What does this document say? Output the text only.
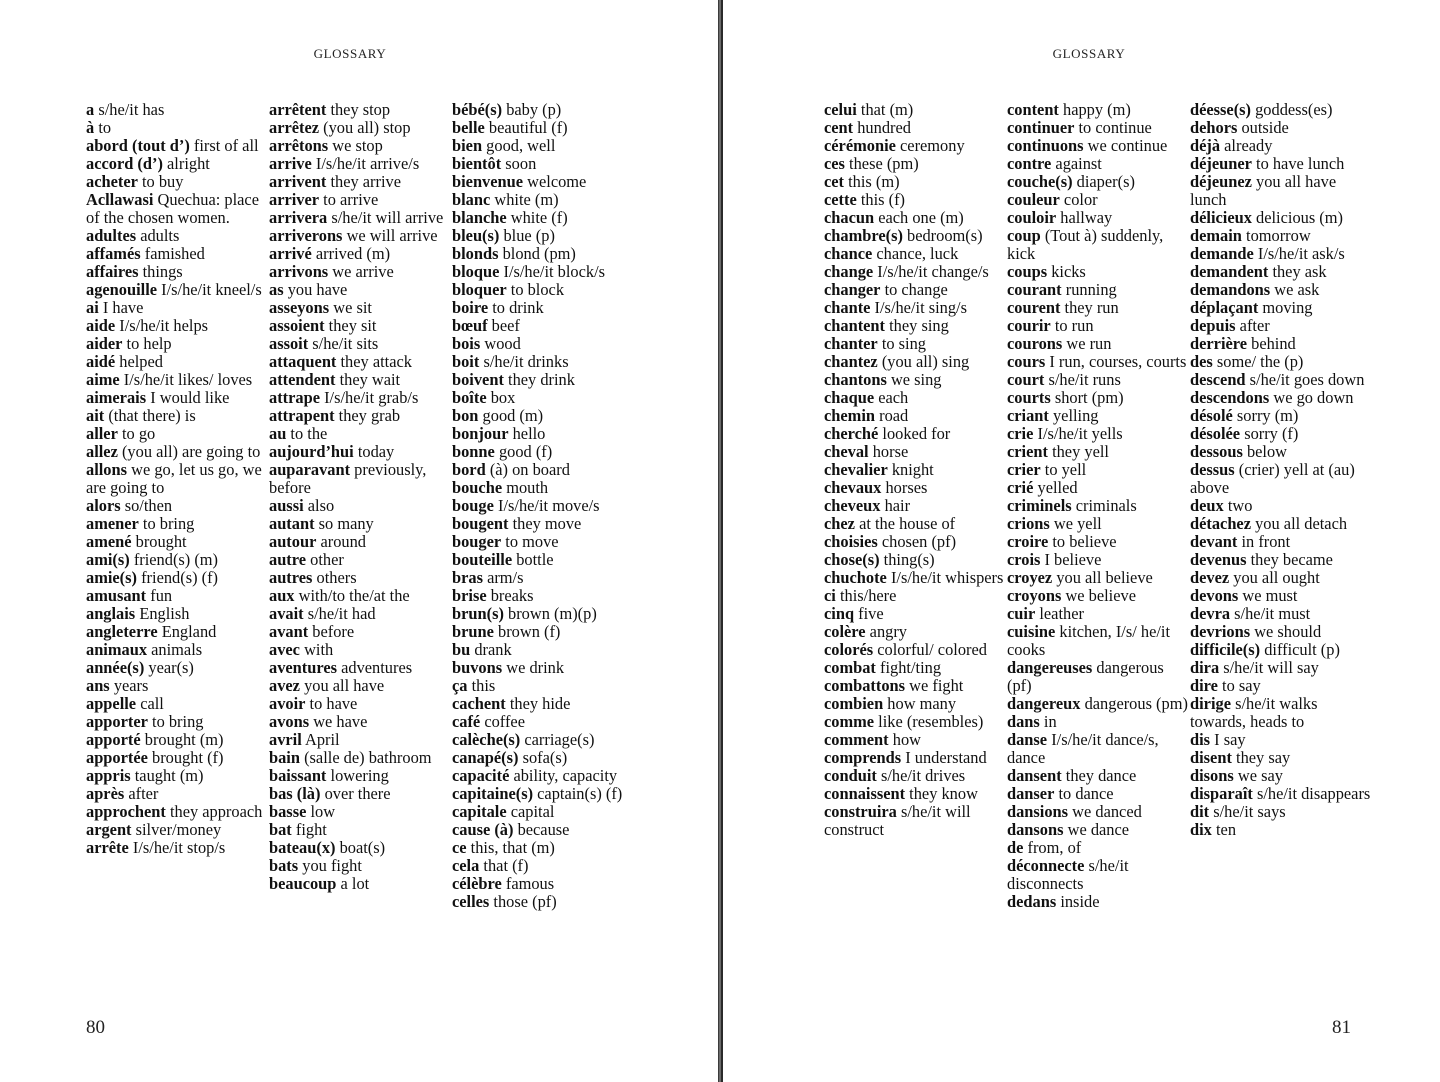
GLOSSARY
a s/he/it has
à to
abord (tout d’) first of all
accord (d’) alright
acheter to buy
Acllawasi Quechua: place of the chosen women.
adultes adults
affamés famished
affaires things
agenouille I/s/he/it kneel/s
ai I have
aide I/s/he/it helps
aider to help
aidé helped
aime I/s/he/it likes/ loves
aimerais I would like
ait (that there) is
aller to go
allez (you all) are going to
allons we go, let us go, we are going to
alors so/then
amener to bring
amené brought
ami(s) friend(s) (m)
amie(s) friend(s) (f)
amusant fun
anglais English
angleterre England
animaux animals
année(s) year(s)
ans years
appelle call
apporter to bring
apporté brought (m)
apportée brought (f)
appris taught (m)
après after
approchent they approach
argent silver/money
arrête I/s/he/it stop/s
arrêtent they stop
arrêtez (you all) stop
arrêtons we stop
arrive I/s/he/it arrive/s
arrivent they arrive
arriver to arrive
arrivera s/he/it will arrive
arriverons we will arrive
arrivé arrived (m)
arrivons we arrive
as you have
asseyons we sit
assoient they sit
assoit s/he/it sits
attaquent they attack
attendent they wait
attrape I/s/he/it grab/s
attrapent they grab
au to the
aujourd’hui today
auparavant previously, before
aussi also
autant so many
autour around
autre other
autres others
aux with/to the/at the
avait s/he/it had
avant before
avec with
aventures adventures
avez you all have
avoir to have
avons we have
avril April
bain (salle de) bathroom
baissant lowering
bas (là) over there
basse low
bat fight
bateau(x) boat(s)
bats you fight
beaucoup a lot
bébé(s) baby (p)
belle beautiful (f)
bien good, well
bientôt soon
bienvenue welcome
blanc white (m)
blanche white (f)
bleu(s) blue (p)
blonds blond (pm)
bloque I/s/he/it block/s
bloquer to block
boire to drink
bœuf beef
bois wood
boit s/he/it drinks
boivent they drink
boîte box
bon good (m)
bonjour hello
bonne good (f)
bord (à) on board
bouche mouth
bouge I/s/he/it move/s
bougent they move
bouger to move
bouteille bottle
bras arm/s
brise breaks
brun(s) brown (m)(p)
brune brown (f)
bu drank
buvons we drink
ça this
cachent they hide
café coffee
calèche(s) carriage(s)
canapé(s) sofa(s)
capacité ability, capacity
capitaine(s) captain(s) (f)
capitale capital
cause (à) because
ce this, that (m)
cela that (f)
célèbre famous
celles those (pf)
80
GLOSSARY
celui that (m)
cent hundred
cérémonie ceremony
ces these (pm)
cet this (m)
cette this (f)
chacun each one (m)
chambre(s) bedroom(s)
chance chance, luck
change I/s/he/it change/s
changer to change
chante I/s/he/it sing/s
chantent they sing
chanter to sing
chantez (you all) sing
chantons we sing
chaque each
chemin road
cherché looked for
cheval horse
chevalier knight
chevaux horses
cheveux hair
chez at the house of
choisies chosen (pf)
chose(s) thing(s)
chuchote I/s/he/it whispers
ci this/here
cinq five
colère angry
colorés colorful/ colored
combat fight/ting
combattons we fight
combien how many
comme like (resembles)
comment how
comprends I understand
conduit s/he/it drives
connaissent they know
construira s/he/it will construct
content happy (m)
continuer to continue
continuons we continue
contre against
couche(s) diaper(s)
couleur color
couloir hallway
coup (Tout à) suddenly, kick
coups kicks
courant running
courent they run
courir to run
courons we run
cours I run, courses, courts
court s/he/it runs
courts short (pm)
criant yelling
crie I/s/he/it yells
crient they yell
crier to yell
crié yelled
criminels criminals
crions we yell
croire to believe
crois I believe
croyez you all believe
croyons we believe
cuir leather
cuisine kitchen, I/s/ he/it cooks
dangereuses dangerous (pf)
dangereux dangerous (pm)
dans in
danse I/s/he/it dance/s, dance
dansent they dance
danser to dance
dansions we danced
dansons we dance
de from, of
déconnecte s/he/it disconnects
dedans inside
déesse(s) goddess(es)
dehors outside
déjà already
déjeuner to have lunch
déjeunez you all have lunch
délicieux delicious (m)
demain tomorrow
demande I/s/he/it ask/s
demandent they ask
demandons we ask
déplaçant moving
depuis after
derrière behind
des some/ the (p)
descend s/he/it goes down
descendons we go down
désolé sorry (m)
désolée sorry (f)
dessous below
dessus (crier) yell at (au) above
deux two
détachez you all detach
devant in front
devenus they became
devez you all ought
devons we must
devra s/he/it must
devrions we should
difficile(s) difficult (p)
dira s/he/it will say
dire to say
dirige s/he/it walks towards, heads to
dis I say
disent they say
disons we say
disparaît s/he/it disappears
dit s/he/it says
dix ten
81
